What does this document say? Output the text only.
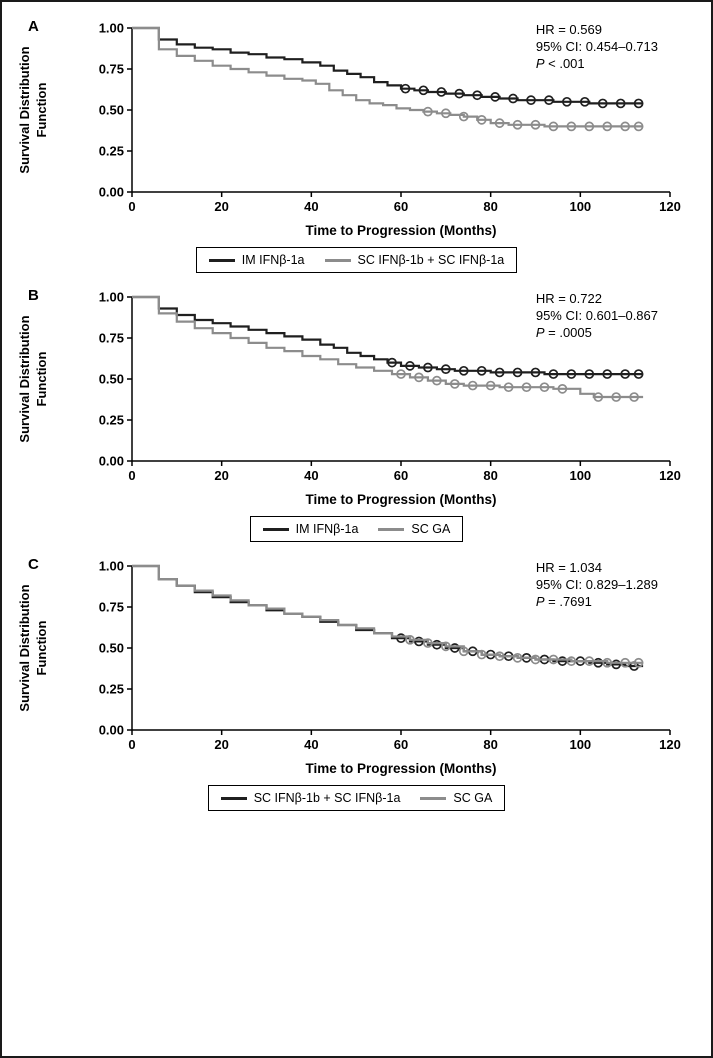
A
Survival Distribution Function
0	20	40	60	80	100	120
1.00
0.75
0.50
0.25
0.00
HR = 0.569
95% CI: 0.454–0.713
P < .001
Time to Progression (Months)
IM IFNβ-1a	SC IFNβ-1b + SC IFNβ-1a
B
Survival Distribution Function
0	20	40	60	80	100	120
1.00
0.75
0.50
0.25
0.00
HR = 0.722
95% CI: 0.601–0.867
P = .0005
Time to Progression (Months)
IM IFNβ-1a	SC GA
C
Survival Distribution Function
0	20	40	60	80	100	120
1.00
0.75
0.50
0.25
0.00
HR = 1.034
95% CI: 0.829–1.289
P = .7691
Time to Progression (Months)
SC IFNβ-1b + SC IFNβ-1a	SC GA
